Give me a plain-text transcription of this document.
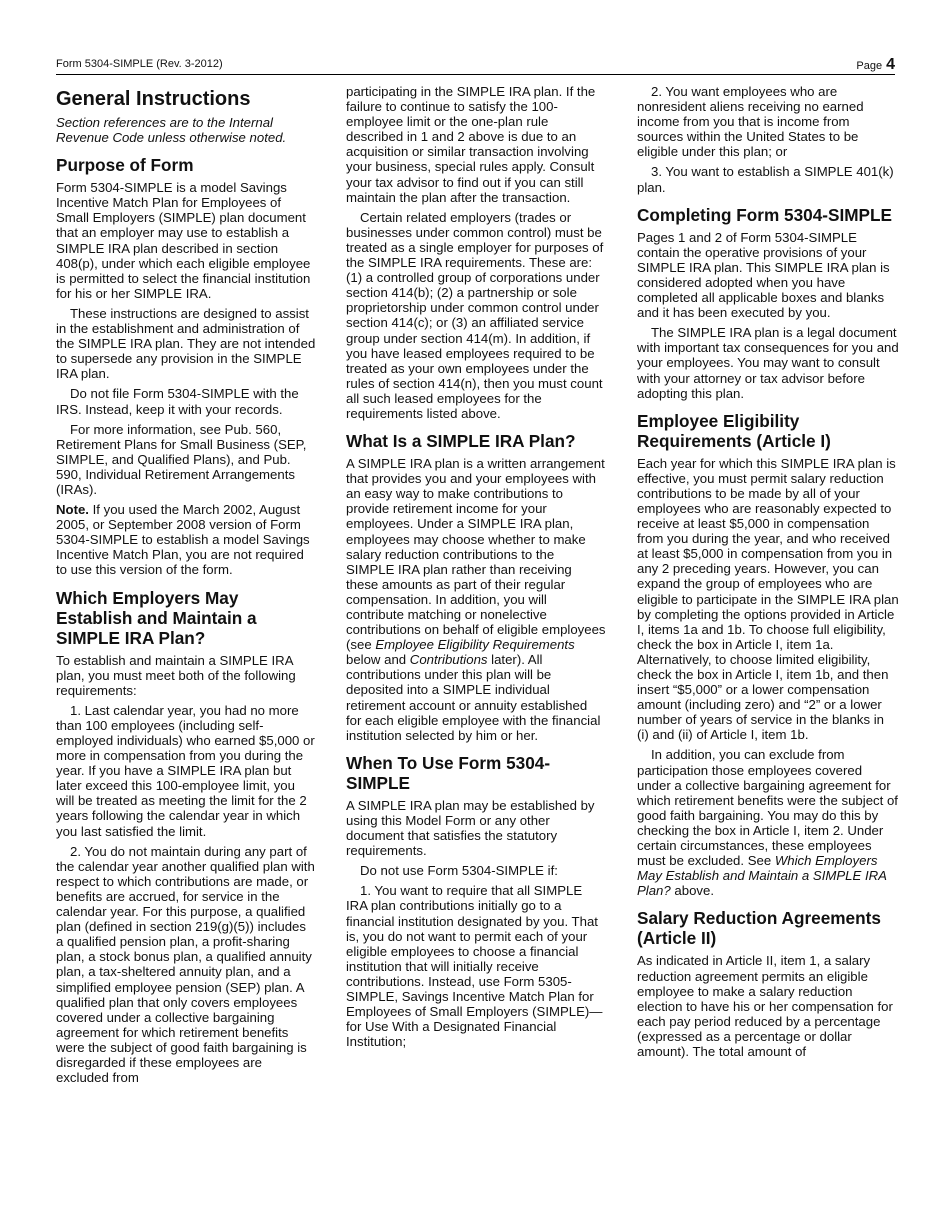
Form 5304-SIMPLE (Rev. 3-2012)	Page 4
General Instructions

Section references are to the Internal Revenue Code unless otherwise noted.

Purpose of Form

Form 5304-SIMPLE is a model Savings Incentive Match Plan for Employees of Small Employers (SIMPLE) plan document that an employer may use to establish a SIMPLE IRA plan described in section 408(p), under which each eligible employee is permitted to select the financial institution for his or her SIMPLE IRA.

These instructions are designed to assist in the establishment and administration of the SIMPLE IRA plan. They are not intended to supersede any provision in the SIMPLE IRA plan.

Do not file Form 5304-SIMPLE with the IRS. Instead, keep it with your records.

For more information, see Pub. 560, Retirement Plans for Small Business (SEP, SIMPLE, and Qualified Plans), and Pub. 590, Individual Retirement Arrangements (IRAs).

Note. If you used the March 2002, August 2005, or September 2008 version of Form 5304-SIMPLE to establish a model Savings Incentive Match Plan, you are not required to use this version of the form.

Which Employers May Establish and Maintain a SIMPLE IRA Plan?

To establish and maintain a SIMPLE IRA plan, you must meet both of the following requirements:

1. Last calendar year, you had no more than 100 employees (including self-employed individuals) who earned $5,000 or more in compensation from you during the year. If you have a SIMPLE IRA plan but later exceed this 100-employee limit, you will be treated as meeting the limit for the 2 years following the calendar year in which you last satisfied the limit.

2. You do not maintain during any part of the calendar year another qualified plan with respect to which contributions are made, or benefits are accrued, for service in the calendar year. For this purpose, a qualified plan (defined in section 219(g)(5)) includes a qualified pension plan, a profit-sharing plan, a stock bonus plan, a qualified annuity plan, a tax-sheltered annuity plan, and a simplified employee pension (SEP) plan. A qualified plan that only covers employees covered under a collective bargaining agreement for which retirement benefits were the subject of good faith bargaining is disregarded if these employees are excluded from

participating in the SIMPLE IRA plan. If the failure to continue to satisfy the 100-employee limit or the one-plan rule described in 1 and 2 above is due to an acquisition or similar transaction involving your business, special rules apply. Consult your tax advisor to find out if you can still maintain the plan after the transaction.

Certain related employers (trades or businesses under common control) must be treated as a single employer for purposes of the SIMPLE IRA requirements. These are: (1) a controlled group of corporations under section 414(b); (2) a partnership or sole proprietorship under common control under section 414(c); or (3) an affiliated service group under section 414(m). In addition, if you have leased employees required to be treated as your own employees under the rules of section 414(n), then you must count all such leased employees for the requirements listed above.

What Is a SIMPLE IRA Plan?

A SIMPLE IRA plan is a written arrangement that provides you and your employees with an easy way to make contributions to provide retirement income for your employees. Under a SIMPLE IRA plan, employees may choose whether to make salary reduction contributions to the SIMPLE IRA plan rather than receiving these amounts as part of their regular compensation. In addition, you will contribute matching or nonelective contributions on behalf of eligible employees (see Employee Eligibility Requirements below and Contributions later). All contributions under this plan will be deposited into a SIMPLE individual retirement account or annuity established for each eligible employee with the financial institution selected by him or her.

When To Use Form 5304-SIMPLE

A SIMPLE IRA plan may be established by using this Model Form or any other document that satisfies the statutory requirements.

Do not use Form 5304-SIMPLE if:

1. You want to require that all SIMPLE IRA plan contributions initially go to a financial institution designated by you. That is, you do not want to permit each of your eligible employees to choose a financial institution that will initially receive contributions. Instead, use Form 5305-SIMPLE, Savings Incentive Match Plan for Employees of Small Employers (SIMPLE)—for Use With a Designated Financial Institution;

2. You want employees who are nonresident aliens receiving no earned income from you that is income from sources within the United States to be eligible under this plan; or

3. You want to establish a SIMPLE 401(k) plan.

Completing Form 5304-SIMPLE

Pages 1 and 2 of Form 5304-SIMPLE contain the operative provisions of your SIMPLE IRA plan. This SIMPLE IRA plan is considered adopted when you have completed all applicable boxes and blanks and it has been executed by you.

The SIMPLE IRA plan is a legal document with important tax consequences for you and your employees. You may want to consult with your attorney or tax advisor before adopting this plan.

Employee Eligibility Requirements (Article I)

Each year for which this SIMPLE IRA plan is effective, you must permit salary reduction contributions to be made by all of your employees who are reasonably expected to receive at least $5,000 in compensation from you during the year, and who received at least $5,000 in compensation from you in any 2 preceding years. However, you can expand the group of employees who are eligible to participate in the SIMPLE IRA plan by completing the options provided in Article I, items 1a and 1b. To choose full eligibility, check the box in Article I, item 1a. Alternatively, to choose limited eligibility, check the box in Article I, item 1b, and then insert “$5,000” or a lower compensation amount (including zero) and “2” or a lower number of years of service in the blanks in (i) and (ii) of Article I, item 1b.

In addition, you can exclude from participation those employees covered under a collective bargaining agreement for which retirement benefits were the subject of good faith bargaining. You may do this by checking the box in Article I, item 2. Under certain circumstances, these employees must be excluded. See Which Employers May Establish and Maintain a SIMPLE IRA Plan? above.

Salary Reduction Agreements (Article II)

As indicated in Article II, item 1, a salary reduction agreement permits an eligible employee to make a salary reduction election to have his or her compensation for each pay period reduced by a percentage (expressed as a percentage or dollar amount). The total amount of
